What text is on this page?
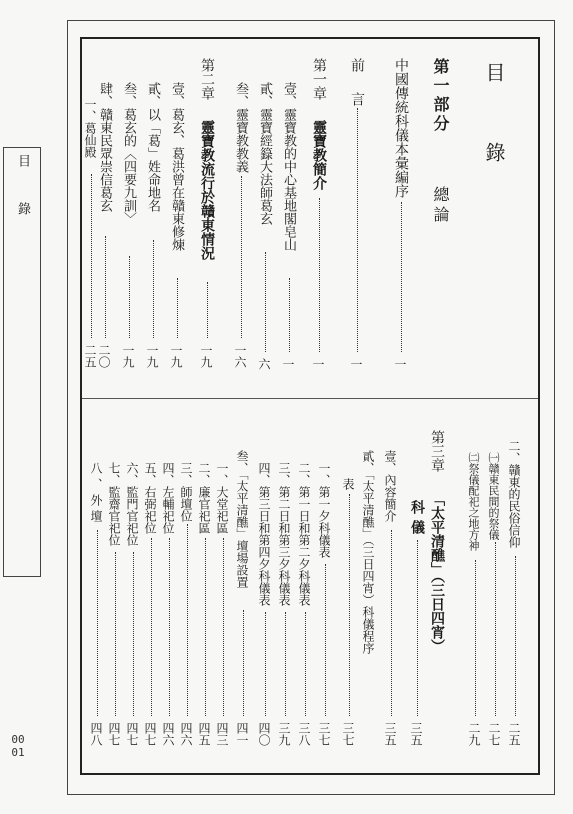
目 錄
0001
目 錄
第一部分
總論
中國傳統科儀本彙編序
一
前言
一
第一章
靈寶教簡介
一
壹、靈寶教的中心基地閣皂山
一
貳、靈寶經籙大法師葛玄
六
叁、靈寶教教義
一六
第二章
靈寶教流行於贛東情況
一九
壹、葛玄、葛洪曾在贛東修煉
一九
貳、以「葛」姓命地名
一九
叁、葛玄的〈四要九訓〉
一九
肆、贛東民眾崇信葛玄
二〇
一、葛仙殿
二五
二、贛東的民俗信仰
二五
㈠贛東民間的祭儀
二七
㈡祭儀配祀之地方神
二九
第三章
「太平清醮」（三日四宵）
科儀
三五
壹、內容簡介
三五
貳、「太平清醮」（三日四宵）科儀程序
表
三七
一、第一夕科儀表
三七
二、第一日和第二夕科儀表
三八
三、第二日和第三夕科儀表
三九
四、第三日和第四夕科儀表
四〇
叁、「太平清醮」壇場設置
四一
一、大堂祀區
四三
二、廉官祀區
四五
三、師壇位
四六
四、左輔祀位
四六
五、右弼祀位
四七
六、監門官祀位
四七
七、監齋官祀位
四七
八、外壇
四八
